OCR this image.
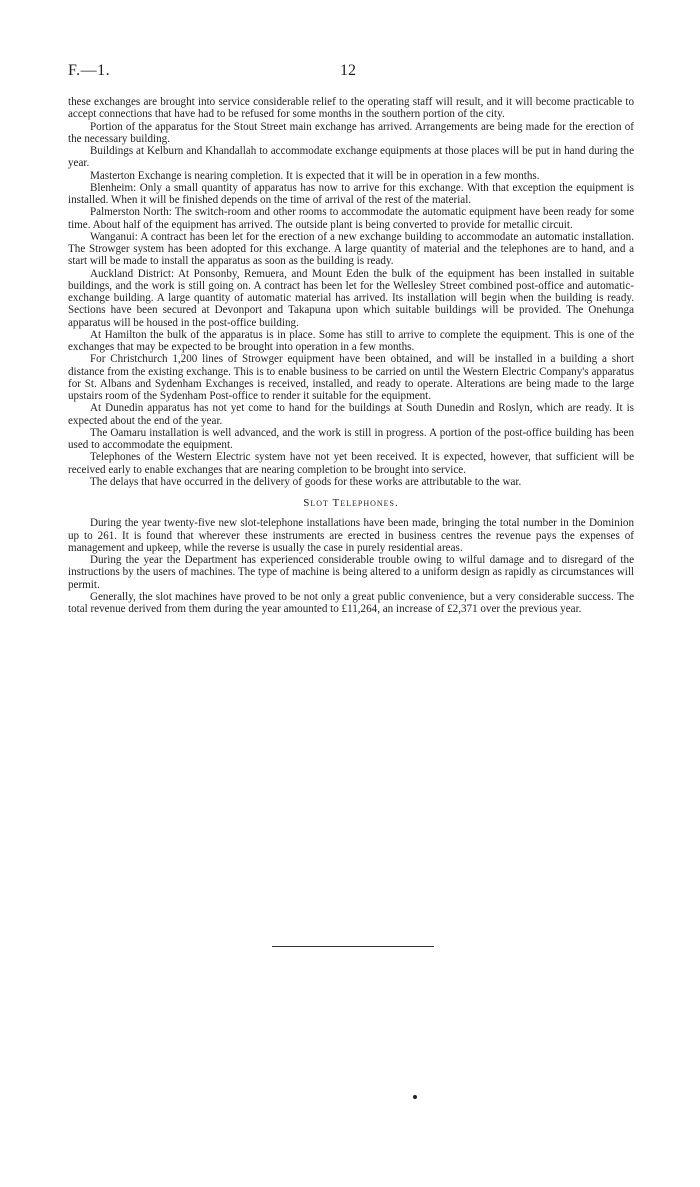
F.—1.	12

these exchanges are brought into service considerable relief to the operating staff will result, and it will become practicable to accept connections that have had to be refused for some months in the southern portion of the city.

Portion of the apparatus for the Stout Street main exchange has arrived. Arrangements are being made for the erection of the necessary building.

Buildings at Kelburn and Khandallah to accommodate exchange equipments at those places will be put in hand during the year.

Masterton Exchange is nearing completion. It is expected that it will be in operation in a few months.

Blenheim: Only a small quantity of apparatus has now to arrive for this exchange. With that exception the equipment is installed. When it will be finished depends on the time of arrival of the rest of the material.

Palmerston North: The switch-room and other rooms to accommodate the automatic equipment have been ready for some time. About half of the equipment has arrived. The outside plant is being converted to provide for metallic circuit.

Wanganui: A contract has been let for the erection of a new exchange building to accommodate an automatic installation. The Strowger system has been adopted for this exchange. A large quantity of material and the telephones are to hand, and a start will be made to install the apparatus as soon as the building is ready.

Auckland District: At Ponsonby, Remuera, and Mount Eden the bulk of the equipment has been installed in suitable buildings, and the work is still going on. A contract has been let for the Wellesley Street combined post-office and automatic-exchange building. A large quantity of automatic material has arrived. Its installation will begin when the building is ready. Sections have been secured at Devonport and Takapuna upon which suitable buildings will be provided. The Onehunga apparatus will be housed in the post-office building.

At Hamilton the bulk of the apparatus is in place. Some has still to arrive to complete the equipment. This is one of the exchanges that may be expected to be brought into operation in a few months.

For Christchurch 1,200 lines of Strowger equipment have been obtained, and will be installed in a building a short distance from the existing exchange. This is to enable business to be carried on until the Western Electric Company's apparatus for St. Albans and Sydenham Exchanges is received, installed, and ready to operate. Alterations are being made to the large upstairs room of the Sydenham Post-office to render it suitable for the equipment.

At Dunedin apparatus has not yet come to hand for the buildings at South Dunedin and Roslyn, which are ready. It is expected about the end of the year.

The Oamaru installation is well advanced, and the work is still in progress. A portion of the post-office building has been used to accommodate the equipment.

Telephones of the Western Electric system have not yet been received. It is expected, however, that sufficient will be received early to enable exchanges that are nearing completion to be brought into service.

The delays that have occurred in the delivery of goods for these works are attributable to the war.

Slot Telephones.

During the year twenty-five new slot-telephone installations have been made, bringing the total number in the Dominion up to 261. It is found that wherever these instruments are erected in business centres the revenue pays the expenses of management and upkeep, while the reverse is usually the case in purely residential areas.

During the year the Department has experienced considerable trouble owing to wilful damage and to disregard of the instructions by the users of machines. The type of machine is being altered to a uniform design as rapidly as circumstances will permit.

Generally, the slot machines have proved to be not only a great public convenience, but a very considerable success. The total revenue derived from them during the year amounted to £11,264, an increase of £2,371 over the previous year.
